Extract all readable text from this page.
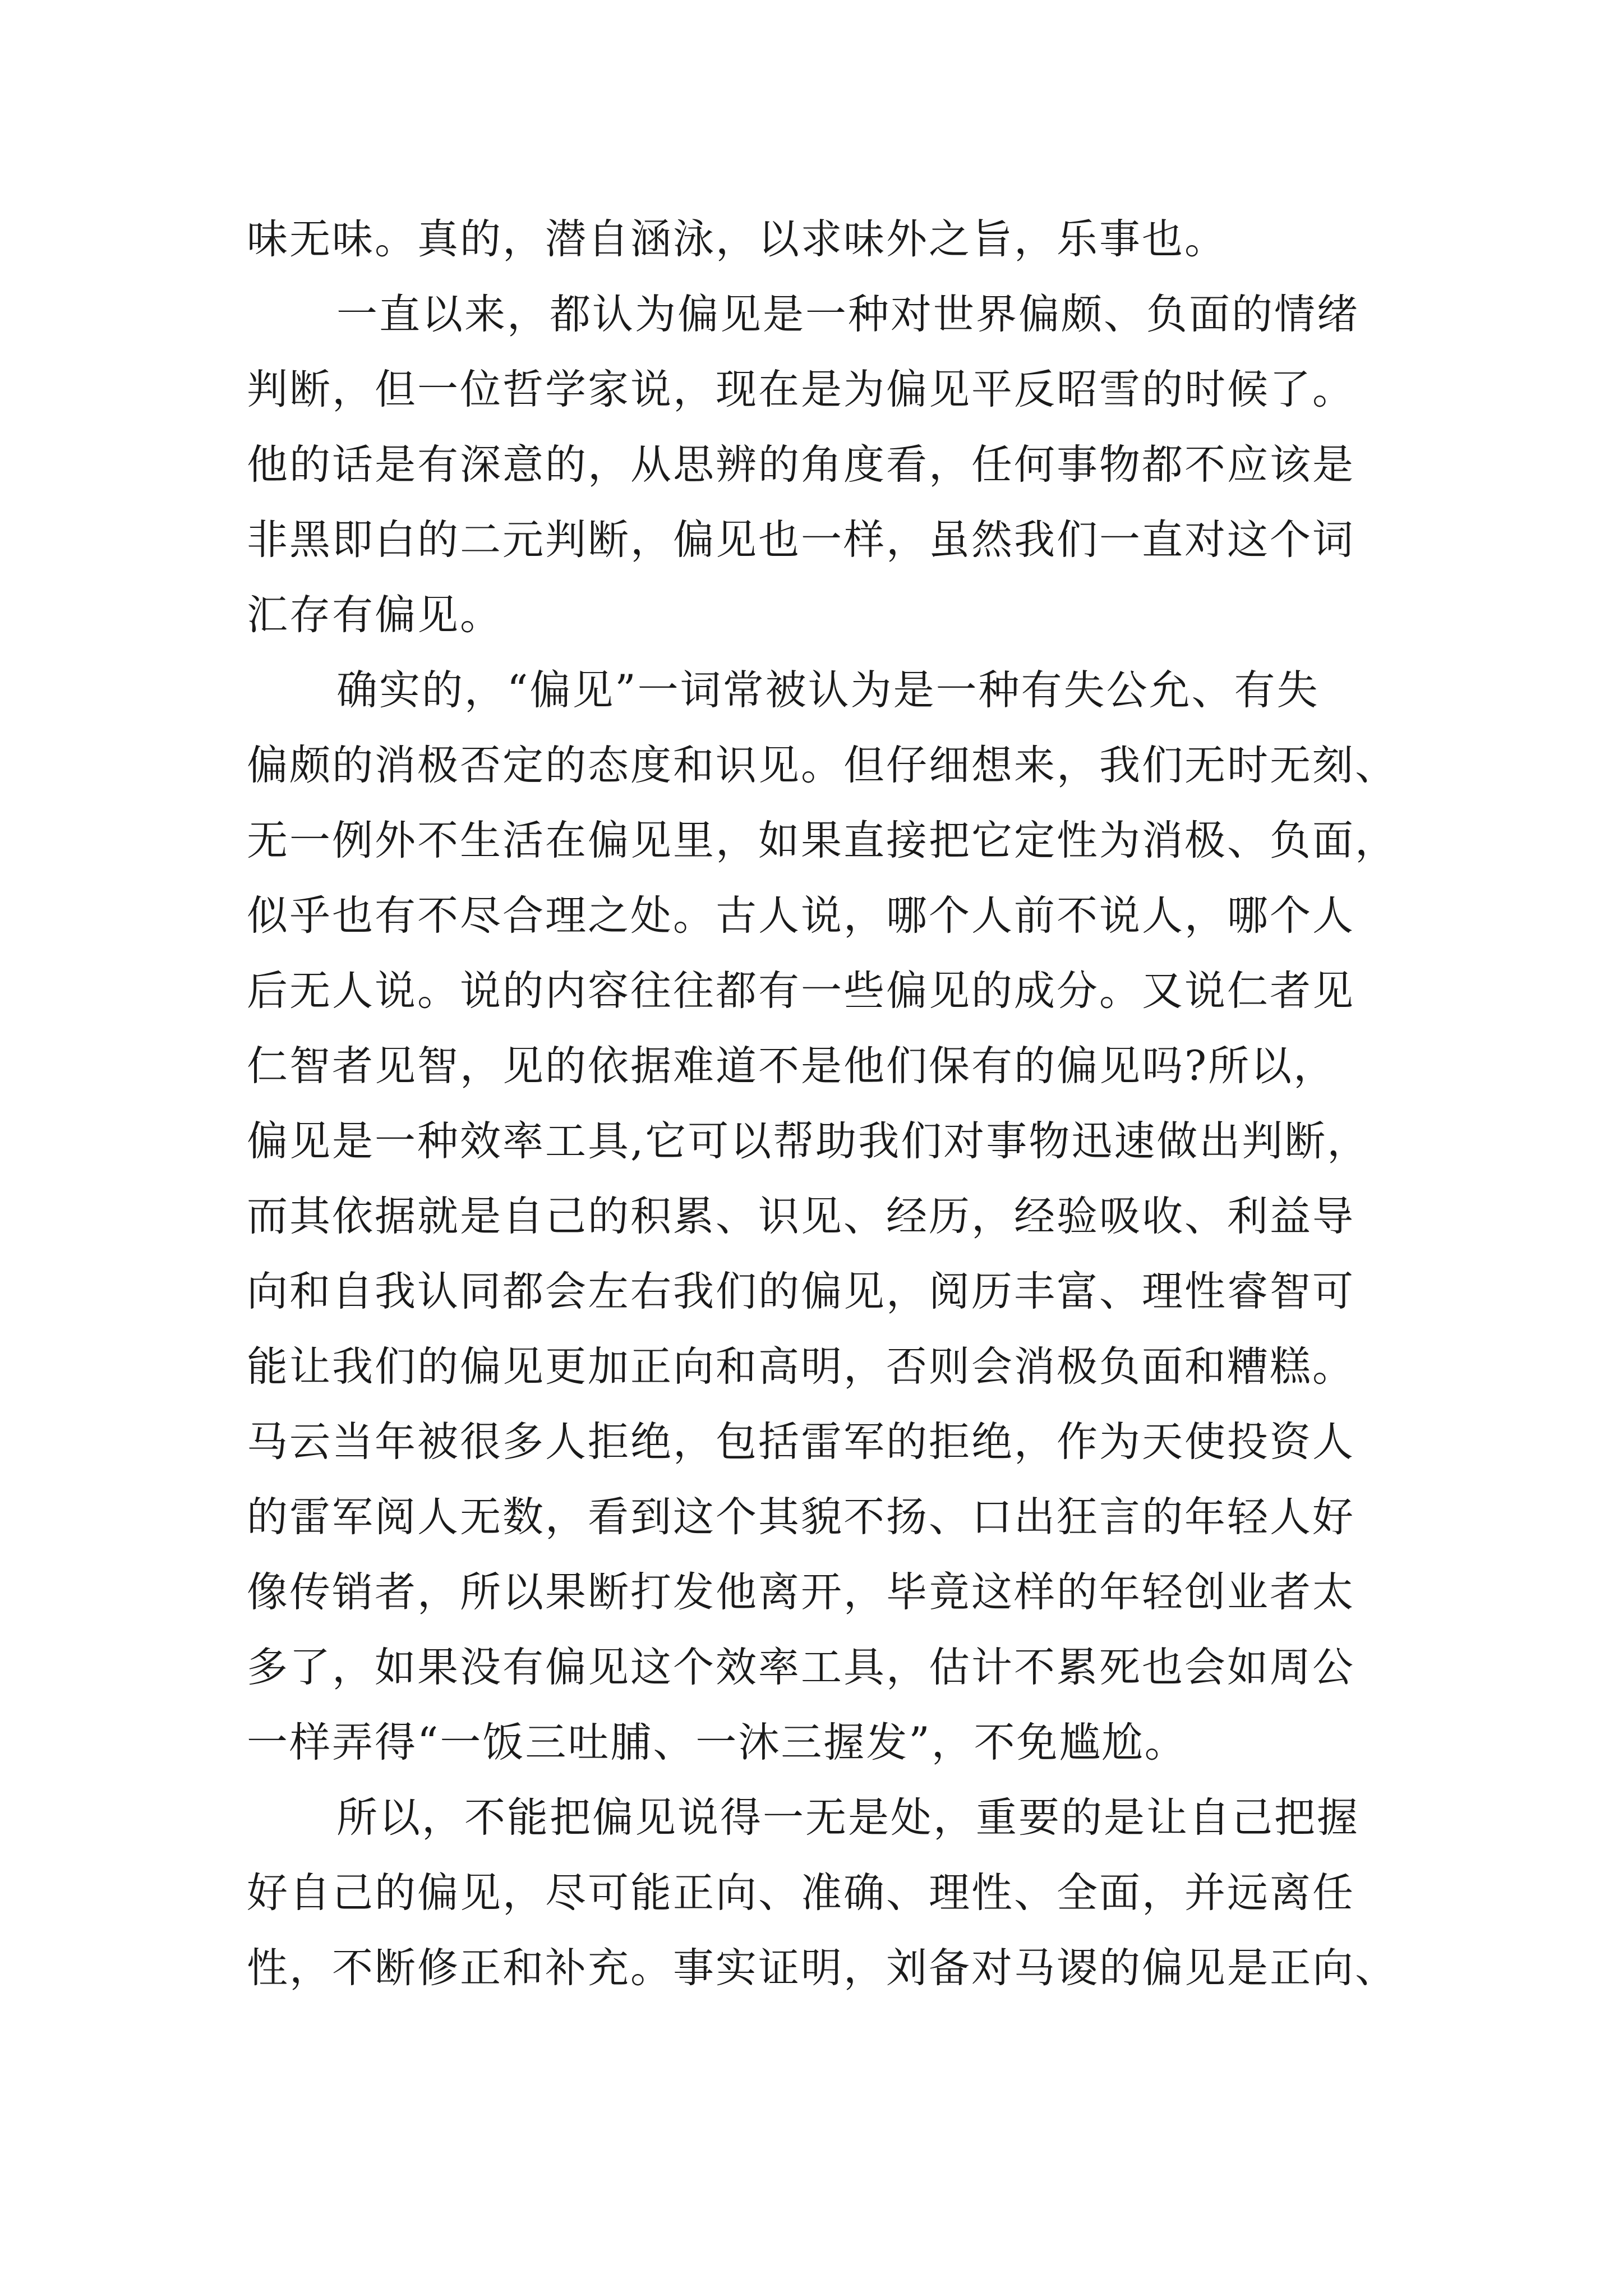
味无味。真的，潜自涵泳，以求味外之旨，乐事也。
一直以来，都认为偏见是一种对世界偏颇、负面的情绪
判断，但一位哲学家说，现在是为偏见平反昭雪的时候了。
他的话是有深意的，从思辨的角度看，任何事物都不应该是
非黑即白的二元判断，偏见也一样，虽然我们一直对这个词
汇存有偏见。
确实的，“偏见”一词常被认为是一种有失公允、有失
偏颇的消极否定的态度和识见。但仔细想来，我们无时无刻、
无一例外不生活在偏见里，如果直接把它定性为消极、负面，
似乎也有不尽合理之处。古人说，哪个人前不说人，哪个人
后无人说。说的内容往往都有一些偏见的成分。又说仁者见
仁智者见智，见的依据难道不是他们保有的偏见吗?所以，
偏见是一种效率工具,它可以帮助我们对事物迅速做出判断，
而其依据就是自己的积累、识见、经历，经验吸收、利益导
向和自我认同都会左右我们的偏见，阅历丰富、理性睿智可
能让我们的偏见更加正向和高明，否则会消极负面和糟糕。
马云当年被很多人拒绝，包括雷军的拒绝，作为天使投资人
的雷军阅人无数，看到这个其貌不扬、口出狂言的年轻人好
像传销者，所以果断打发他离开，毕竟这样的年轻创业者太
多了，如果没有偏见这个效率工具，估计不累死也会如周公
一样弄得“一饭三吐脯、一沐三握发”，不免尴尬。
所以，不能把偏见说得一无是处，重要的是让自己把握
好自己的偏见，尽可能正向、准确、理性、全面，并远离任
性，不断修正和补充。事实证明，刘备对马谡的偏见是正向、
